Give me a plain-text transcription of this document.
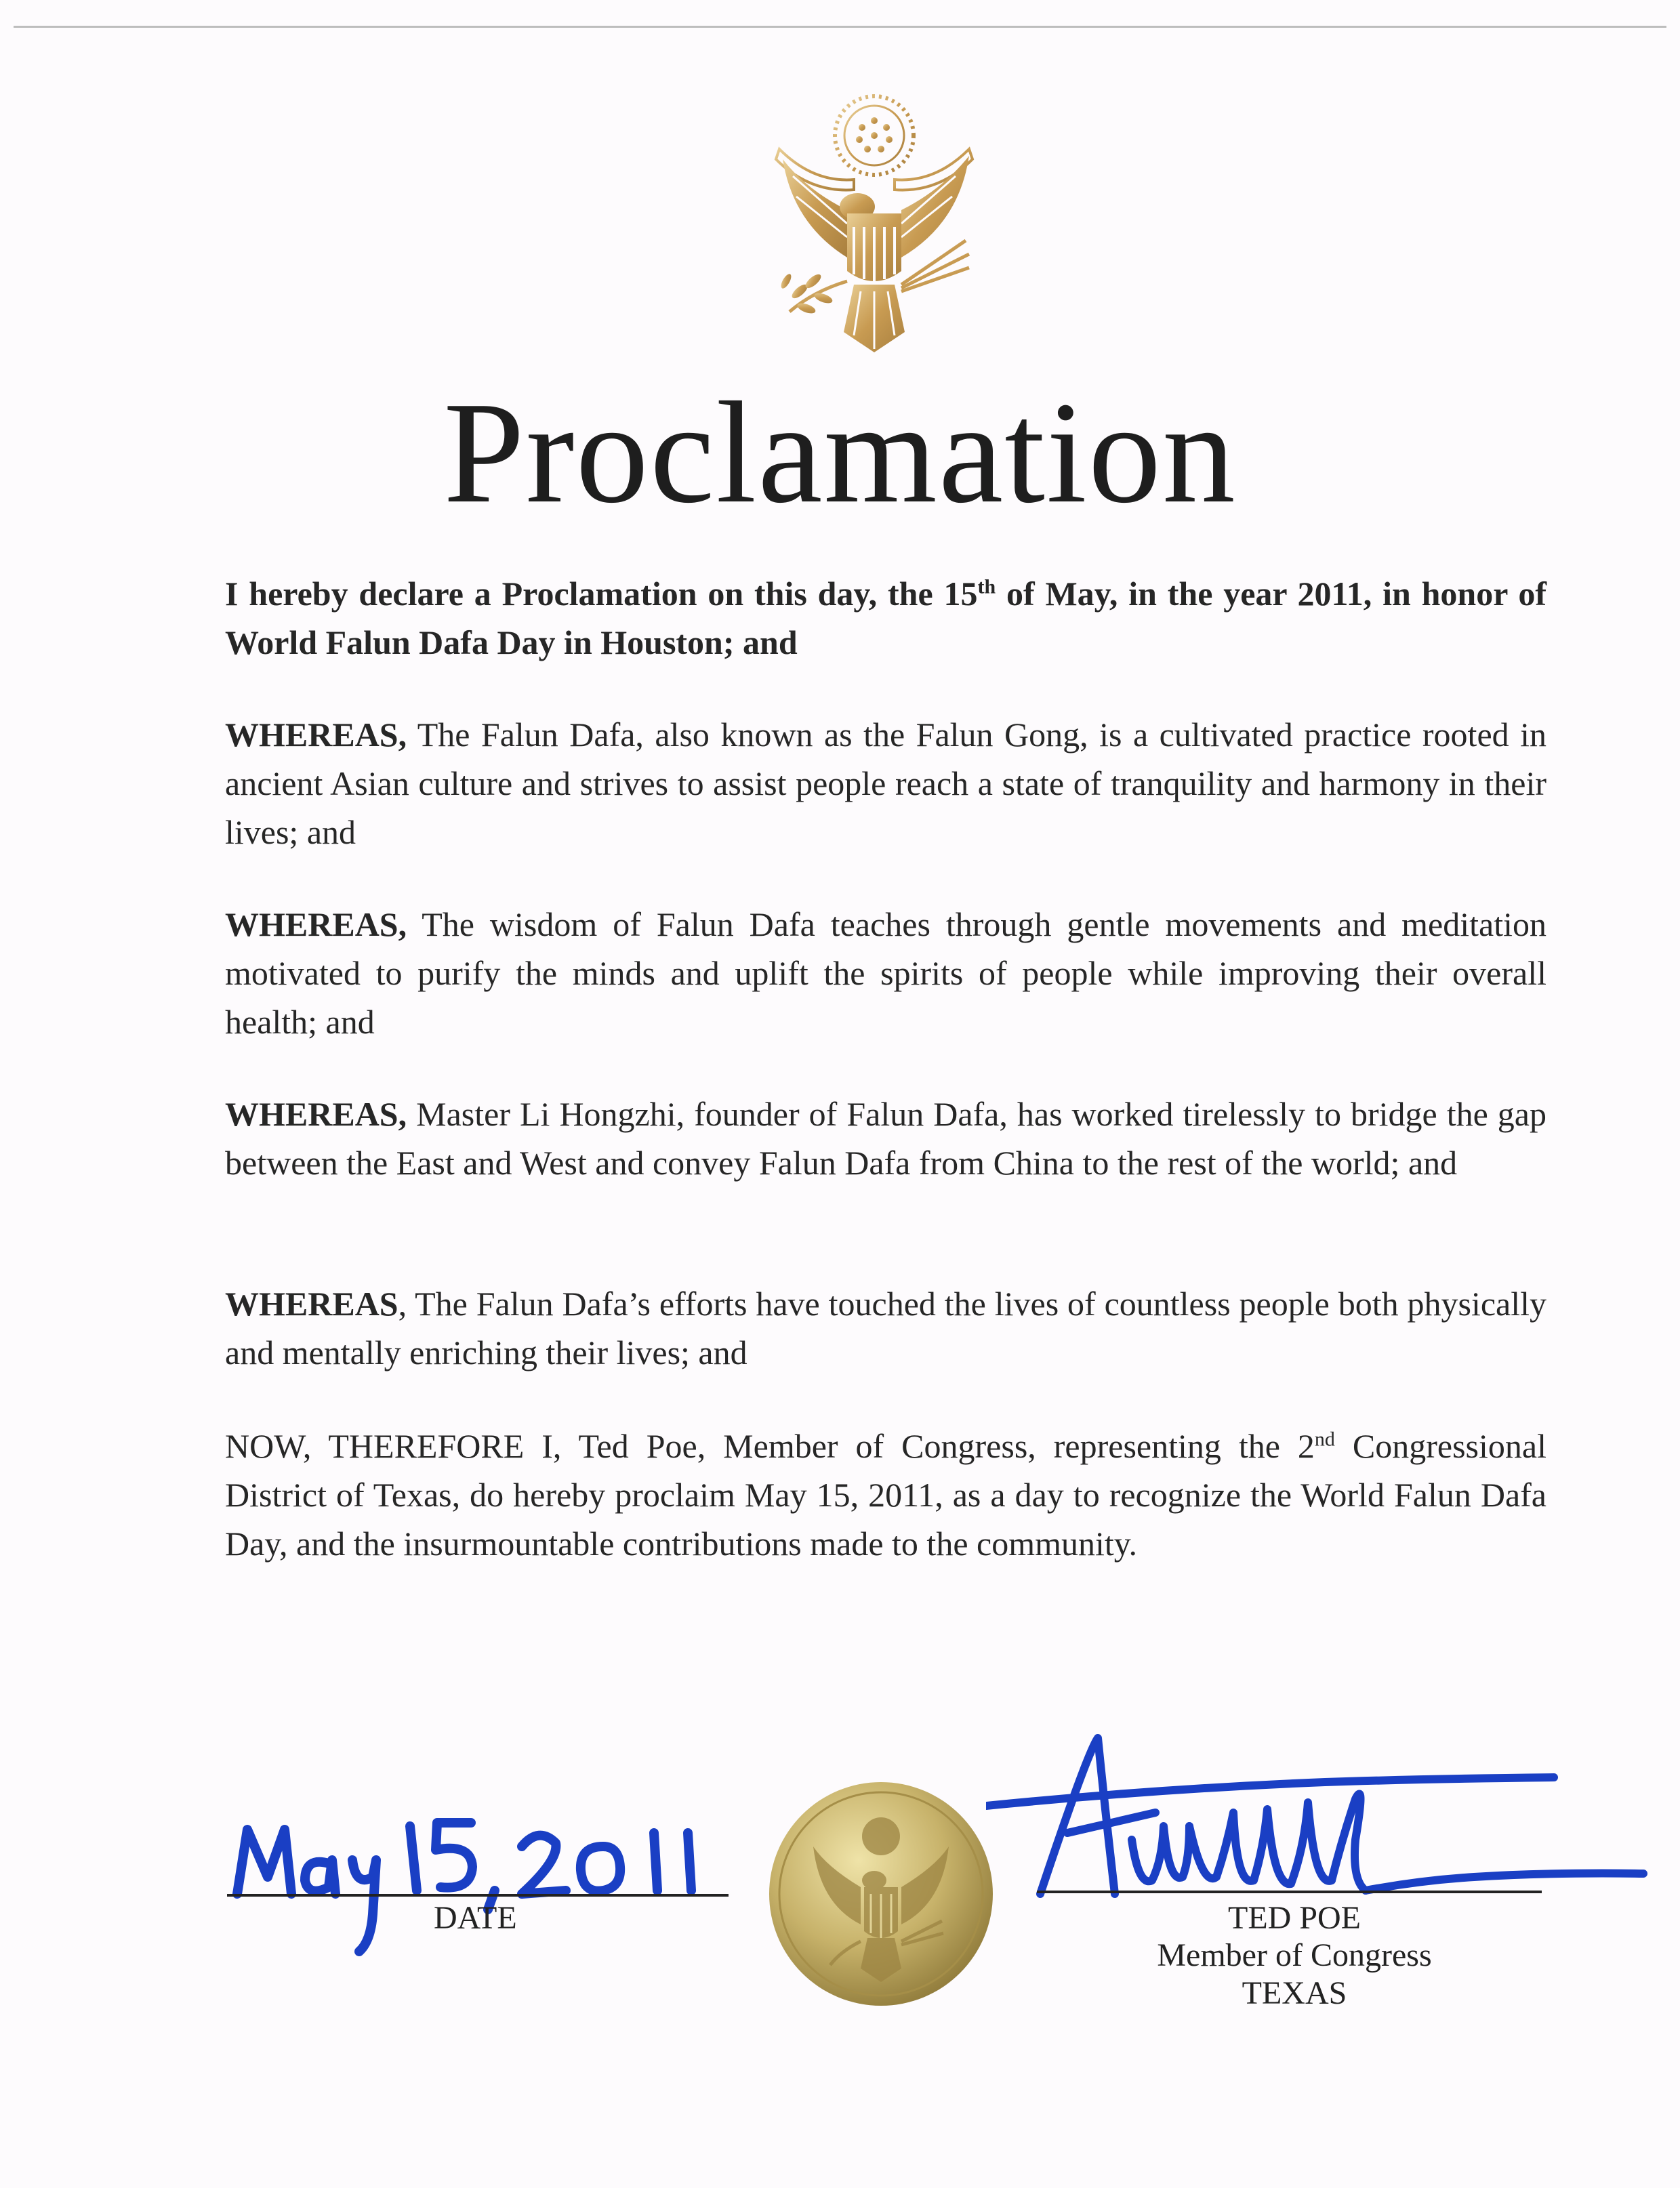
Proclamation

I hereby declare a Proclamation on this day, the 15th of May, in the year 2011, in honor of World Falun Dafa Day in Houston; and

WHEREAS, The Falun Dafa, also known as the Falun Gong, is a cultivated practice rooted in ancient Asian culture and strives to assist people reach a state of tranquility and harmony in their lives; and

WHEREAS, The wisdom of Falun Dafa teaches through gentle movements and meditation motivated to purify the minds and uplift the spirits of people while improving their overall health; and

WHEREAS, Master Li Hongzhi, founder of Falun Dafa, has worked tirelessly to bridge the gap between the East and West and convey Falun Dafa from China to the rest of the world; and

WHEREAS, The Falun Dafa’s efforts have touched the lives of countless people both physically and mentally enriching their lives; and

NOW, THEREFORE I, Ted Poe, Member of Congress, representing the 2nd Congressional District of Texas, do hereby proclaim May 15, 2011, as a day to recognize the World Falun Dafa Day, and the insurmountable contributions made to the community.

DATE	TED POE

Member of Congress

TEXAS
